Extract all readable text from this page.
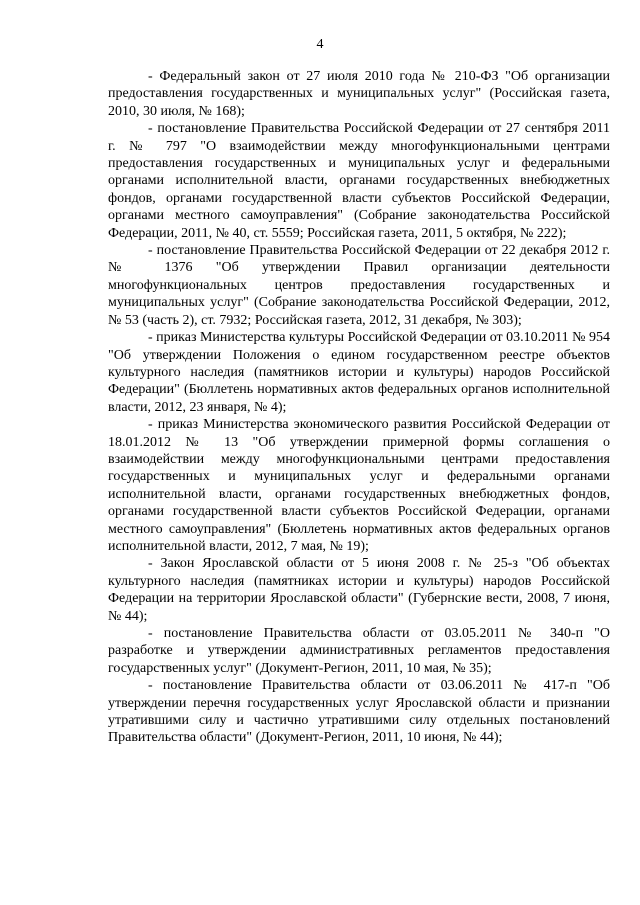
4

- Федеральный закон от 27 июля 2010 года № 210-ФЗ "Об организации предоставления государственных и муниципальных услуг" (Российская газета, 2010, 30 июля, № 168);

- постановление Правительства Российской Федерации от 27 сентября 2011 г. № 797 "О взаимодействии между многофункциональными центрами предоставления государственных и муниципальных услуг и федеральными органами исполнительной власти, органами государственных внебюджетных фондов, органами государственной власти субъектов Российской Федерации, органами местного самоуправления" (Собрание законодательства Российской Федерации, 2011, № 40, ст. 5559; Российская газета, 2011, 5 октября, № 222);

- постановление Правительства Российской Федерации от 22 декабря 2012 г. № 1376 "Об утверждении Правил организации деятельности многофункциональных центров предоставления государственных и муниципальных услуг" (Собрание законодательства Российской Федерации, 2012, № 53 (часть 2), ст. 7932; Российская газета, 2012, 31 декабря, № 303);

- приказ Министерства культуры Российской Федерации от 03.10.2011 № 954 "Об утверждении Положения о едином государственном реестре объектов культурного наследия (памятников истории и культуры) народов Российской Федерации" (Бюллетень нормативных актов федеральных органов исполнительной власти, 2012, 23 января, № 4);

- приказ Министерства экономического развития Российской Федерации от 18.01.2012 № 13 "Об утверждении примерной формы соглашения о взаимодействии между многофункциональными центрами предоставления государственных и муниципальных услуг и федеральными органами исполнительной власти, органами государственных внебюджетных фондов, органами государственной власти субъектов Российской Федерации, органами местного самоуправления" (Бюллетень нормативных актов федеральных органов исполнительной власти, 2012, 7 мая, № 19);

- Закон Ярославской области от 5 июня 2008 г. № 25-з "Об объектах культурного наследия (памятниках истории и культуры) народов Российской Федерации на территории Ярославской области" (Губернские вести, 2008, 7 июня, № 44);

- постановление Правительства области от 03.05.2011 № 340-п "О разработке и утверждении административных регламентов предоставления государственных услуг" (Документ-Регион, 2011, 10 мая, № 35);

- постановление Правительства области от 03.06.2011 № 417-п "Об утверждении перечня государственных услуг Ярославской области и признании утратившими силу и частично утратившими силу отдельных постановлений Правительства области" (Документ-Регион, 2011, 10 июня, № 44);
